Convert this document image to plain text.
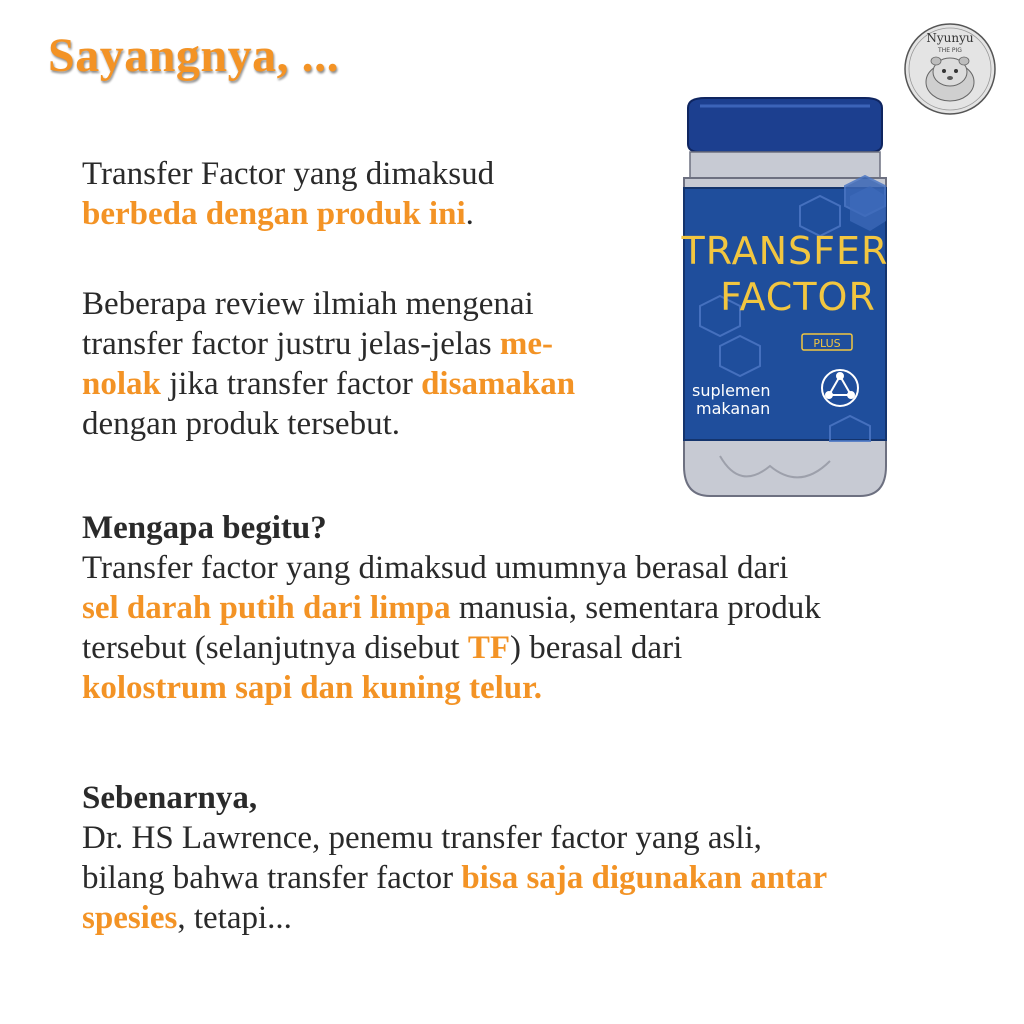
Sayangnya, ...	Nyunyu
THE PIG
TRANSFER
FACTOR
PLUS
suplemen
makanan

Transfer Factor yang dimaksud
berbeda dengan produk ini.

Beberapa review ilmiah mengenai
transfer factor justru jelas-jelas me-
nolak jika transfer factor disamakan
dengan produk tersebut.

Mengapa begitu?
Transfer factor yang dimaksud umumnya berasal dari
sel darah putih dari limpa manusia, sementara produk
tersebut (selanjutnya disebut TF) berasal dari
kolostrum sapi dan kuning telur.

Sebenarnya,
Dr. HS Lawrence, penemu transfer factor yang asli,
bilang bahwa transfer factor bisa saja digunakan antar
spesies, tetapi...
